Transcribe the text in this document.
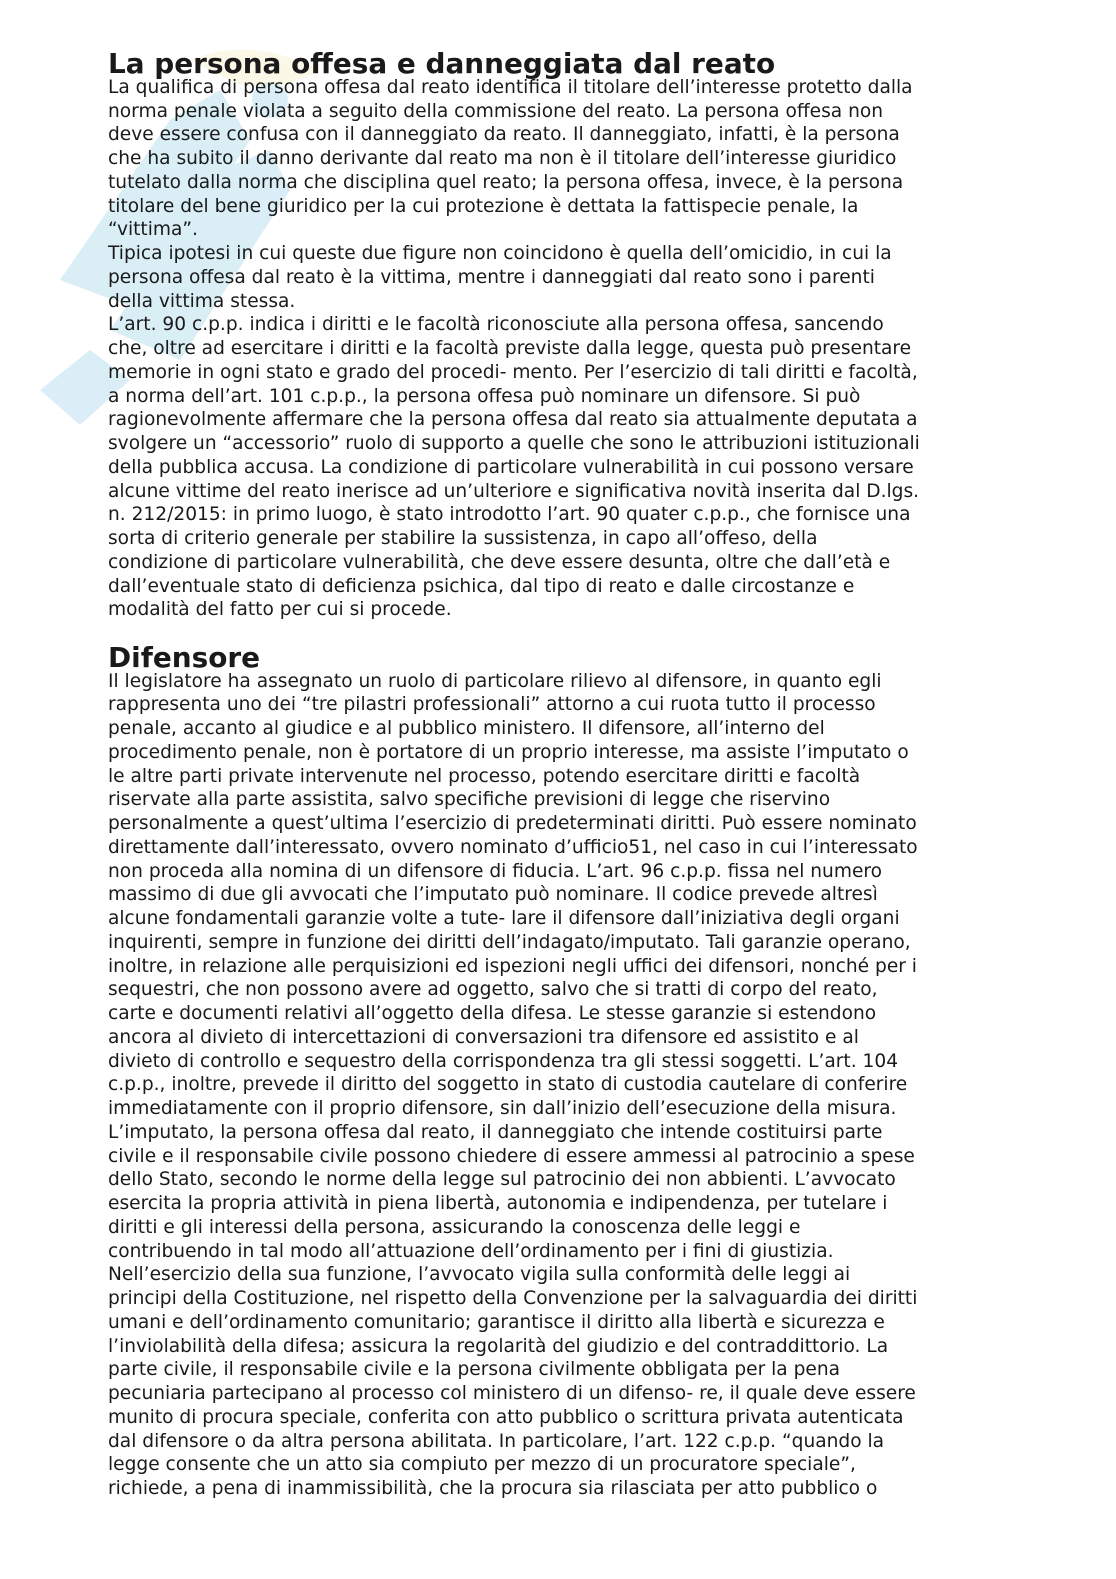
La persona offesa e danneggiata dal reato
La qualifica di persona offesa dal reato identifica il titolare dell’interesse protetto dalla
norma penale violata a seguito della commissione del reato. La persona offesa non
deve essere confusa con il danneggiato da reato. Il danneggiato, infatti, è la persona
che ha subito il danno derivante dal reato ma non è il titolare dell’interesse giuridico
tutelato dalla norma che disciplina quel reato; la persona offesa, invece, è la persona
titolare del bene giuridico per la cui protezione è dettata la fattispecie penale, la
“vittima”.
Tipica ipotesi in cui queste due figure non coincidono è quella dell’omicidio, in cui la
persona offesa dal reato è la vittima, mentre i danneggiati dal reato sono i parenti
della vittima stessa.
L’art. 90 c.p.p. indica i diritti e le facoltà riconosciute alla persona offesa, sancendo
che, oltre ad esercitare i diritti e la facoltà previste dalla legge, questa può presentare
memorie in ogni stato e grado del procedi- mento. Per l’esercizio di tali diritti e facoltà,
a norma dell’art. 101 c.p.p., la persona offesa può nominare un difensore. Si può
ragionevolmente affermare che la persona offesa dal reato sia attualmente deputata a
svolgere un “accessorio” ruolo di supporto a quelle che sono le attribuzioni istituzionali
della pubblica accusa. La condizione di particolare vulnerabilità in cui possono versare
alcune vittime del reato inerisce ad un’ulteriore e significativa novità inserita dal D.lgs.
n. 212/2015: in primo luogo, è stato introdotto l’art. 90 quater c.p.p., che fornisce una
sorta di criterio generale per stabilire la sussistenza, in capo all’offeso, della
condizione di particolare vulnerabilità, che deve essere desunta, oltre che dall’età e
dall’eventuale stato di deficienza psichica, dal tipo di reato e dalle circostanze e
modalità del fatto per cui si procede.
Difensore
Il legislatore ha assegnato un ruolo di particolare rilievo al difensore, in quanto egli
rappresenta uno dei “tre pilastri professionali” attorno a cui ruota tutto il processo
penale, accanto al giudice e al pubblico ministero. Il difensore, all’interno del
procedimento penale, non è portatore di un proprio interesse, ma assiste l’imputato o
le altre parti private intervenute nel processo, potendo esercitare diritti e facoltà
riservate alla parte assistita, salvo specifiche previsioni di legge che riservino
personalmente a quest’ultima l’esercizio di predeterminati diritti. Può essere nominato
direttamente dall’interessato, ovvero nominato d’ufficio51, nel caso in cui l’interessato
non proceda alla nomina di un difensore di fiducia. L’art. 96 c.p.p. fissa nel numero
massimo di due gli avvocati che l’imputato può nominare. Il codice prevede altresì
alcune fondamentali garanzie volte a tute- lare il difensore dall’iniziativa degli organi
inquirenti, sempre in funzione dei diritti dell’indagato/imputato. Tali garanzie operano,
inoltre, in relazione alle perquisizioni ed ispezioni negli uffici dei difensori, nonché per i
sequestri, che non possono avere ad oggetto, salvo che si tratti di corpo del reato,
carte e documenti relativi all’oggetto della difesa. Le stesse garanzie si estendono
ancora al divieto di intercettazioni di conversazioni tra difensore ed assistito e al
divieto di controllo e sequestro della corrispondenza tra gli stessi soggetti. L’art. 104
c.p.p., inoltre, prevede il diritto del soggetto in stato di custodia cautelare di conferire
immediatamente con il proprio difensore, sin dall’inizio dell’esecuzione della misura.
L’imputato, la persona offesa dal reato, il danneggiato che intende costituirsi parte
civile e il responsabile civile possono chiedere di essere ammessi al patrocinio a spese
dello Stato, secondo le norme della legge sul patrocinio dei non abbienti. L’avvocato
esercita la propria attività in piena libertà, autonomia e indipendenza, per tutelare i
diritti e gli interessi della persona, assicurando la conoscenza delle leggi e
contribuendo in tal modo all’attuazione dell’ordinamento per i fini di giustizia.
Nell’esercizio della sua funzione, l’avvocato vigila sulla conformità delle leggi ai
principi della Costituzione, nel rispetto della Convenzione per la salvaguardia dei diritti
umani e dell’ordinamento comunitario; garantisce il diritto alla libertà e sicurezza e
l’inviolabilità della difesa; assicura la regolarità del giudizio e del contraddittorio. La
parte civile, il responsabile civile e la persona civilmente obbligata per la pena
pecuniaria partecipano al processo col ministero di un difenso- re, il quale deve essere
munito di procura speciale, conferita con atto pubblico o scrittura privata autenticata
dal difensore o da altra persona abilitata. In particolare, l’art. 122 c.p.p. “quando la
legge consente che un atto sia compiuto per mezzo di un procuratore speciale”,
richiede, a pena di inammissibilità, che la procura sia rilasciata per atto pubblico o
